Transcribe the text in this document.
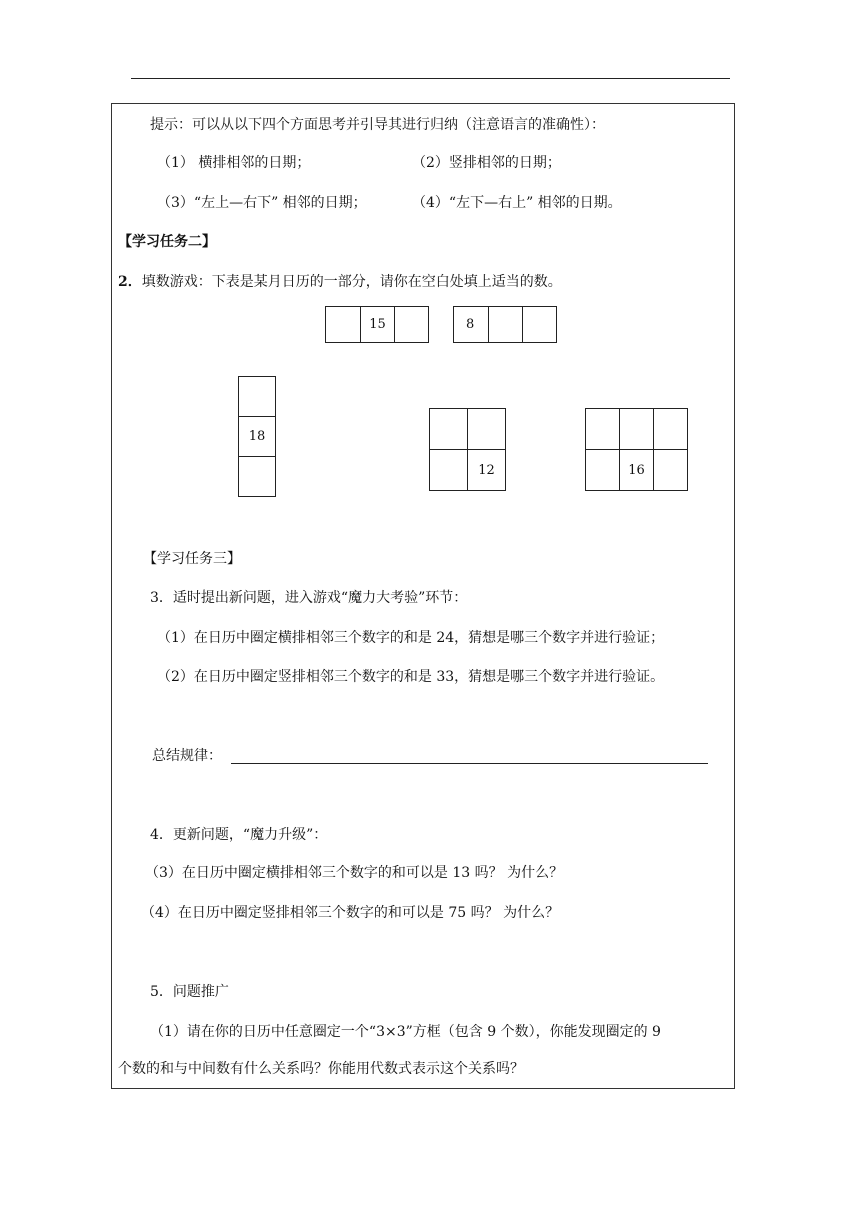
提示：可以从以下四个方面思考并引导其进行归纳（注意语言的准确性）：
（1） 横排相邻的日期；	（2）竖排相邻的日期；
（3）“左上—右下” 相邻的日期；	（4）“左下—右上” 相邻的日期。
【学习任务二】
2．填数游戏：下表是某月日历的一部分，请你在空白处填上适当的数。
15	8
18
12	16
【学习任务三】
3．适时提出新问题，进入游戏“魔力大考验”环节：
（1）在日历中圈定横排相邻三个数字的和是 24，猜想是哪三个数字并进行验证；
（2）在日历中圈定竖排相邻三个数字的和是 33，猜想是哪三个数字并进行验证。
总结规律：
4．更新问题，“魔力升级”：
（3）在日历中圈定横排相邻三个数字的和可以是 13 吗？ 为什么？
（4）在日历中圈定竖排相邻三个数字的和可以是 75 吗？ 为什么？
5．问题推广
（1）请在你的日历中任意圈定一个“3×3”方框（包含 9 个数），你能发现圈定的 9
个数的和与中间数有什么关系吗？你能用代数式表示这个关系吗？
